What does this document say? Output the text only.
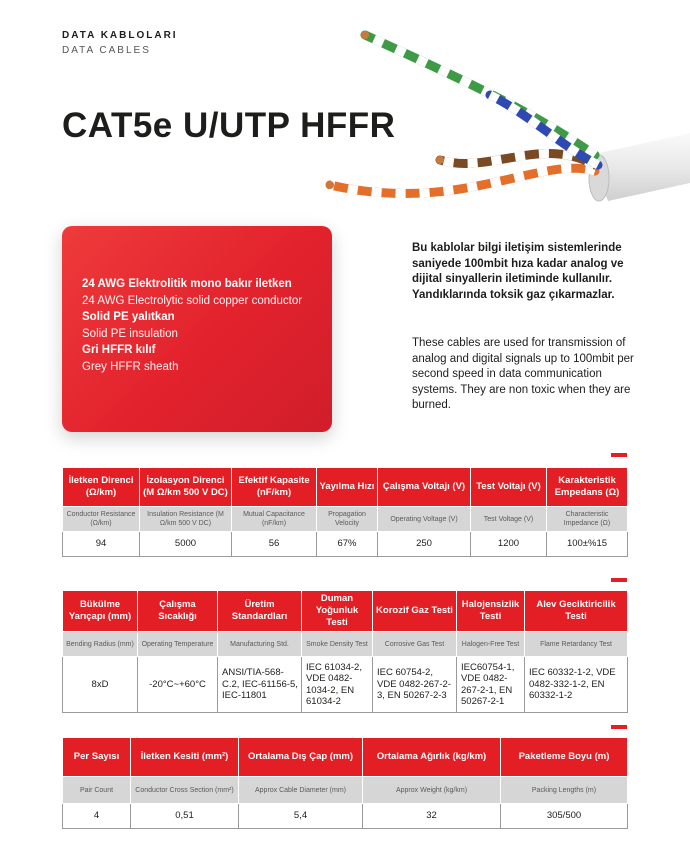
DATA KABLOLARI
DATA CABLES
CAT5e U/UTP HFFR
24 AWG Elektrolitik mono bakır iletken
24 AWG Electrolytic solid copper conductor
Solid PE yalıtkan
Solid PE insulation
Gri HFFR kılıf
Grey HFFR sheath
Bu kablolar bilgi iletişim sistemlerinde saniyede 100mbit hıza kadar analog ve dijital sinyallerin iletiminde kullanılır. Yandıklarında toksik gaz çıkarmazlar.
These cables are used for transmission of analog and digital signals up to 100mbit per second speed in data communication systems. They are non toxic when they are burned.
İletken Direnci (Ω/km)	İzolasyon Direnci (M Ω/km 500 V DC)	Efektif Kapasite (nF/km)	Yayılma Hızı	Çalışma Voltajı (V)	Test Voltajı (V)	Karakteristik Empedans (Ω)
Conductor Resistance (Ω/km)	Insulation Resistance (M Ω/km 500 V DC)	Mutual Capacitance (nF/km)	Propagation Velocity	Operating Voltage (V)	Test Voltage (V)	Characteristic Impedance (Ω)
94	5000	56	67%	250	1200	100±%15
Bükülme Yarıçapı (mm)	Çalışma Sıcaklığı	Üretim Standardları	Duman Yoğunluk Testi	Korozif Gaz Testi	Halojensizlik Testi	Alev Geciktiricilik Testi
Bending Radius (mm)	Operating Temperature	Manufacturing Std.	Smoke Density Test	Corrosive Gas Test	Halogen-Free Test	Flame Retardancy Test
8xD	-20°C~+60°C	ANSI/TIA-568-C.2, IEC-61156-5, IEC-11801	IEC 61034-2, VDE 0482-1034-2, EN 61034-2	IEC 60754-2, VDE 0482-267-2-3, EN 50267-2-3	IEC60754-1, VDE 0482-267-2-1, EN 50267-2-1	IEC 60332-1-2, VDE 0482-332-1-2, EN 60332-1-2
Per Sayısı	İletken Kesiti (mm²)	Ortalama Dış Çap (mm)	Ortalama Ağırlık (kg/km)	Paketleme Boyu (m)
Pair Count	Conductor Cross Section (mm²)	Approx Cable Diameter (mm)	Approx Weight (kg/km)	Packing Lengths (m)
4	0,51	5,4	32	305/500
